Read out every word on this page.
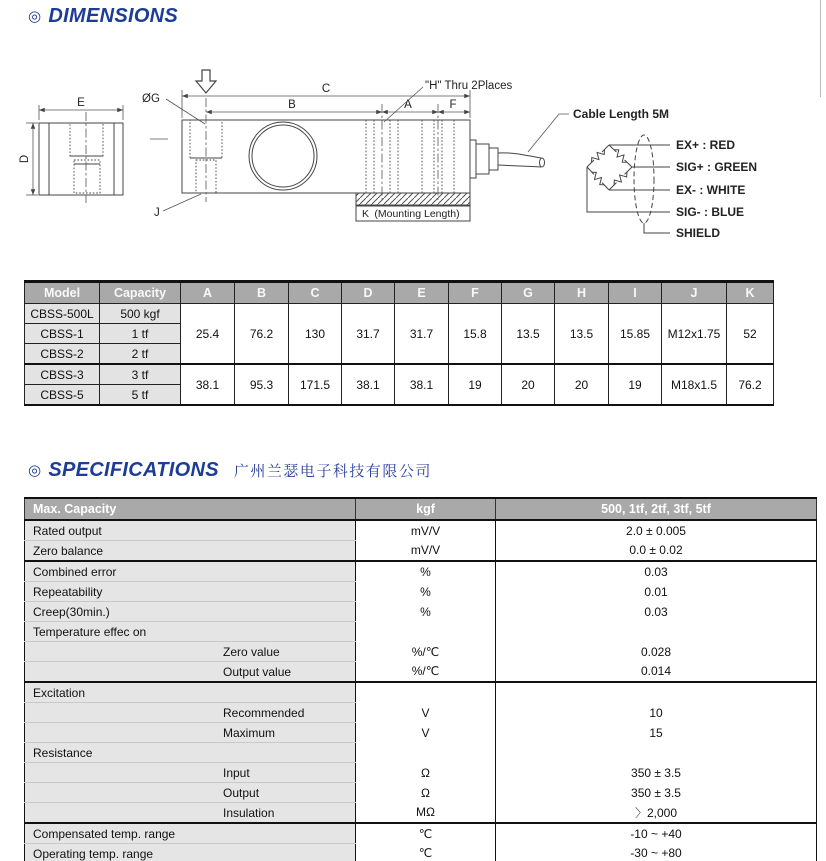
◎ DIMENSIONS
E
D
C
B	A	F
ØG
J
"H" Thru 2Places
K (Mounting Length)
Cable Length 5M
EX+ : RED
SIG+ : GREEN
EX- : WHITE
SIG- : BLUE
SHIELD
Model	Capacity	A	B	C	D	E	F	G	H	I	J	K
CBSS-500L	500 kgf	25.4	76.2	130	31.7	31.7	15.8	13.5	13.5	15.85	M12x1.75	52
CBSS-1	1 tf											
CBSS-2	2 tf											
CBSS-3	3 tf	38.1	95.3	171.5	38.1	38.1	19	20	20	19	M18x1.5	76.2
CBSS-5	5 tf											
◎ SPECIFICATIONS 广州兰瑟电子科技有限公司
Max. Capacity	kgf	500, 1tf, 2tf, 3tf, 5tf
Rated output	mV/V	2.0 ± 0.005
Zero balance	mV/V	0.0 ± 0.02
Combined error	%	0.03
Repeatability	%	0.01
Creep(30min.)	%	0.03
Temperature effec on		
Zero value	%/℃	0.028
Output value	%/℃	0.014
Excitation		
Recommended	V	10
Maximum	V	15
Resistance		
Input	Ω	350 ± 3.5
Output	Ω	350 ± 3.5
Insulation	MΩ	〉2,000
Compensated temp. range	℃	-10 ~ +40
Operating temp. range	℃	-30 ~ +80
